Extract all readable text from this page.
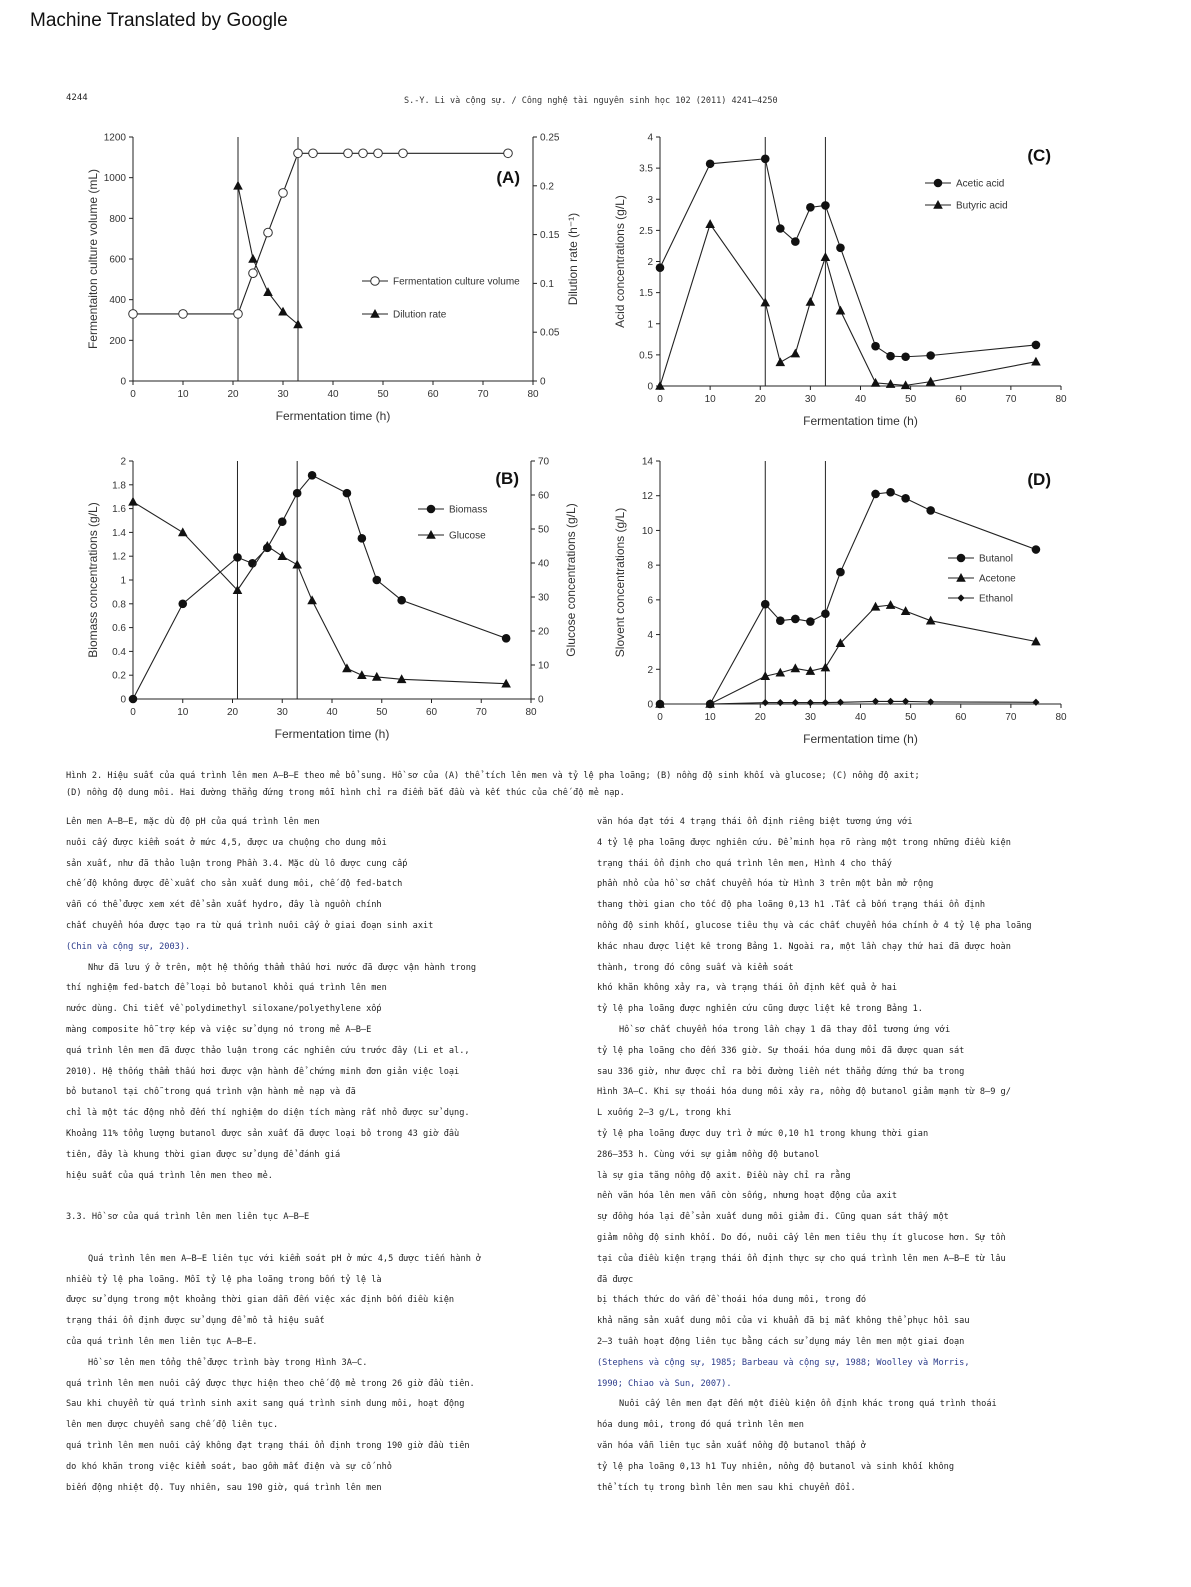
Machine Translated by Google
4244	S.-Y. Li và cộng sự. / Công nghệ tài nguyên sinh học 102 (2011) 4241–4250
0	10	20	30	40	50	60	70	80
0
200
400
600
800
1000
1200
0
0.05
0.1
0.15
0.2
0.25
Fermentation time (h)
Fermentaiton culture volume (mL)	Dilution rate (h⁻¹)
(A)
Fermentation culture volume
Dilution rate
0	10	20	30	40	50	60	70	80
0
0.2
0.4
0.6
0.8
1
1.2
1.4
1.6
1.8
2
0
10
20
30
40
50
60
70
Fermentation time (h)
Biomass concentrations (g/L)	Glucose concentrations (g/L)
(B)
Biomass
Glucose
0	10	20	30	40	50	60	70	80
0
0.5
1
1.5
2
2.5
3
3.5
4
Fermentation time (h)
Acid concentrations (g/L)
(C)
Acetic acid
Butyric acid
0	10	20	30	40	50	60	70	80
0
2
4
6
8
10
12
14
Fermentation time (h)
Slovent concentrations (g/L)
(D)
Butanol
Acetone
Ethanol
Hình 2. Hiệu suất của quá trình lên men A–B–E theo mẻ bổ sung. Hồ sơ của (A) thể tích lên men và tỷ lệ pha loãng; (B) nồng độ sinh khối và glucose; (C) nồng độ axit;
(D) nồng độ dung môi. Hai đường thẳng đứng trong mỗi hình chỉ ra điểm bắt đầu và kết thúc của chế độ mẻ nạp.
Lên men A–B–E, mặc dù độ pH của quá trình lên men
nuôi cấy được kiểm soát ở mức 4,5, được ưa chuộng cho dung môi
sản xuất, như đã thảo luận trong Phần 3.4. Mặc dù lô được cung cấp
chế độ không được đề xuất cho sản xuất dung môi, chế độ fed-batch
vẫn có thể được xem xét để sản xuất hydro, đây là nguồn chính
chất chuyển hóa được tạo ra từ quá trình nuôi cấy ở giai đoạn sinh axit
(Chin và cộng sự, 2003).
Như đã lưu ý ở trên, một hệ thống thẩm thấu hơi nước đã được vận hành trong
thí nghiệm fed-batch để loại bỏ butanol khỏi quá trình lên men
nước dùng. Chi tiết về polydimethyl siloxane/polyethylene xốp
màng composite hỗ trợ kép và việc sử dụng nó trong mẻ A–B–E
quá trình lên men đã được thảo luận trong các nghiên cứu trước đây (Li et al.,
2010). Hệ thống thẩm thấu hơi được vận hành để chứng minh đơn giản việc loại
bỏ butanol tại chỗ trong quá trình vận hành mẻ nạp và đã
chỉ là một tác động nhỏ đến thí nghiệm do diện tích màng rất nhỏ được sử dụng.
Khoảng 11% tổng lượng butanol được sản xuất đã được loại bỏ trong 43 giờ đầu
tiên, đây là khung thời gian được sử dụng để đánh giá
hiệu suất của quá trình lên men theo mẻ.
3.3. Hồ sơ của quá trình lên men liên tục A–B–E
Quá trình lên men A–B–E liên tục với kiểm soát pH ở mức 4,5 được tiến hành ở
nhiều tỷ lệ pha loãng. Mỗi tỷ lệ pha loãng trong bốn tỷ lệ là
được sử dụng trong một khoảng thời gian dẫn đến việc xác định bốn điều kiện
trạng thái ổn định được sử dụng để mô tả hiệu suất
của quá trình lên men liên tục A–B–E.
Hồ sơ lên men tổng thể được trình bày trong Hình 3A–C.
quá trình lên men nuôi cấy được thực hiện theo chế độ mẻ trong 26 giờ đầu tiên.
Sau khi chuyển từ quá trình sinh axit sang quá trình sinh dung môi, hoạt động
lên men được chuyển sang chế độ liên tục.
quá trình lên men nuôi cấy không đạt trạng thái ổn định trong 190 giờ đầu tiên
do khó khăn trong việc kiểm soát, bao gồm mất điện và sự cố nhỏ
biến động nhiệt độ. Tuy nhiên, sau 190 giờ, quá trình lên men
văn hóa đạt tới 4 trạng thái ổn định riêng biệt tương ứng với
4 tỷ lệ pha loãng được nghiên cứu. Để minh họa rõ ràng một trong những điều kiện
trạng thái ổn định cho quá trình lên men, Hình 4 cho thấy
phần nhỏ của hồ sơ chất chuyển hóa từ Hình 3 trên một bản mở rộng
thang thời gian cho tốc độ pha loãng 0,13 h1 .Tất cả bốn trạng thái ổn định
nồng độ sinh khối, glucose tiêu thụ và các chất chuyển hóa chính ở 4 tỷ lệ pha loãng
khác nhau được liệt kê trong Bảng 1. Ngoài ra, một lần chạy thứ hai đã được hoàn
thành, trong đó công suất và kiểm soát
khó khăn không xảy ra, và trạng thái ổn định kết quả ở hai
tỷ lệ pha loãng được nghiên cứu cũng được liệt kê trong Bảng 1.
Hồ sơ chất chuyển hóa trong lần chạy 1 đã thay đổi tương ứng với
tỷ lệ pha loãng cho đến 336 giờ. Sự thoái hóa dung môi đã được quan sát
sau 336 giờ, như được chỉ ra bởi đường liền nét thẳng đứng thứ ba trong
Hình 3A–C. Khi sự thoái hóa dung môi xảy ra, nồng độ butanol giảm mạnh từ 8–9 g/
L xuống 2–3 g/L, trong khi
tỷ lệ pha loãng được duy trì ở mức 0,10 h1 trong khung thời gian
286–353 h. Cùng với sự giảm nồng độ butanol
là sự gia tăng nồng độ axit. Điều này chỉ ra rằng
nền văn hóa lên men vẫn còn sống, nhưng hoạt động của axit
sự đồng hóa lại để sản xuất dung môi giảm đi. Cũng quan sát thấy một
giảm nồng độ sinh khối. Do đó, nuôi cấy lên men tiêu thụ ít glucose hơn. Sự tồn
tại của điều kiện trạng thái ổn định thực sự cho quá trình lên men A–B–E từ lâu
đã được
bị thách thức do vấn đề thoái hóa dung môi, trong đó
khả năng sản xuất dung môi của vi khuẩn đã bị mất không thể phục hồi sau
2–3 tuần hoạt động liên tục bằng cách sử dụng máy lên men một giai đoạn
(Stephens và cộng sự, 1985; Barbeau và cộng sự, 1988; Woolley và Morris,
1990; Chiao và Sun, 2007).
Nuôi cấy lên men đạt đến một điều kiện ổn định khác trong quá trình thoái
hóa dung môi, trong đó quá trình lên men
văn hóa vẫn liên tục sản xuất nồng độ butanol thấp ở
tỷ lệ pha loãng 0,13 h1 Tuy nhiên, nồng độ butanol và sinh khối không
thể tích tụ trong bình lên men sau khi chuyển đổi.
